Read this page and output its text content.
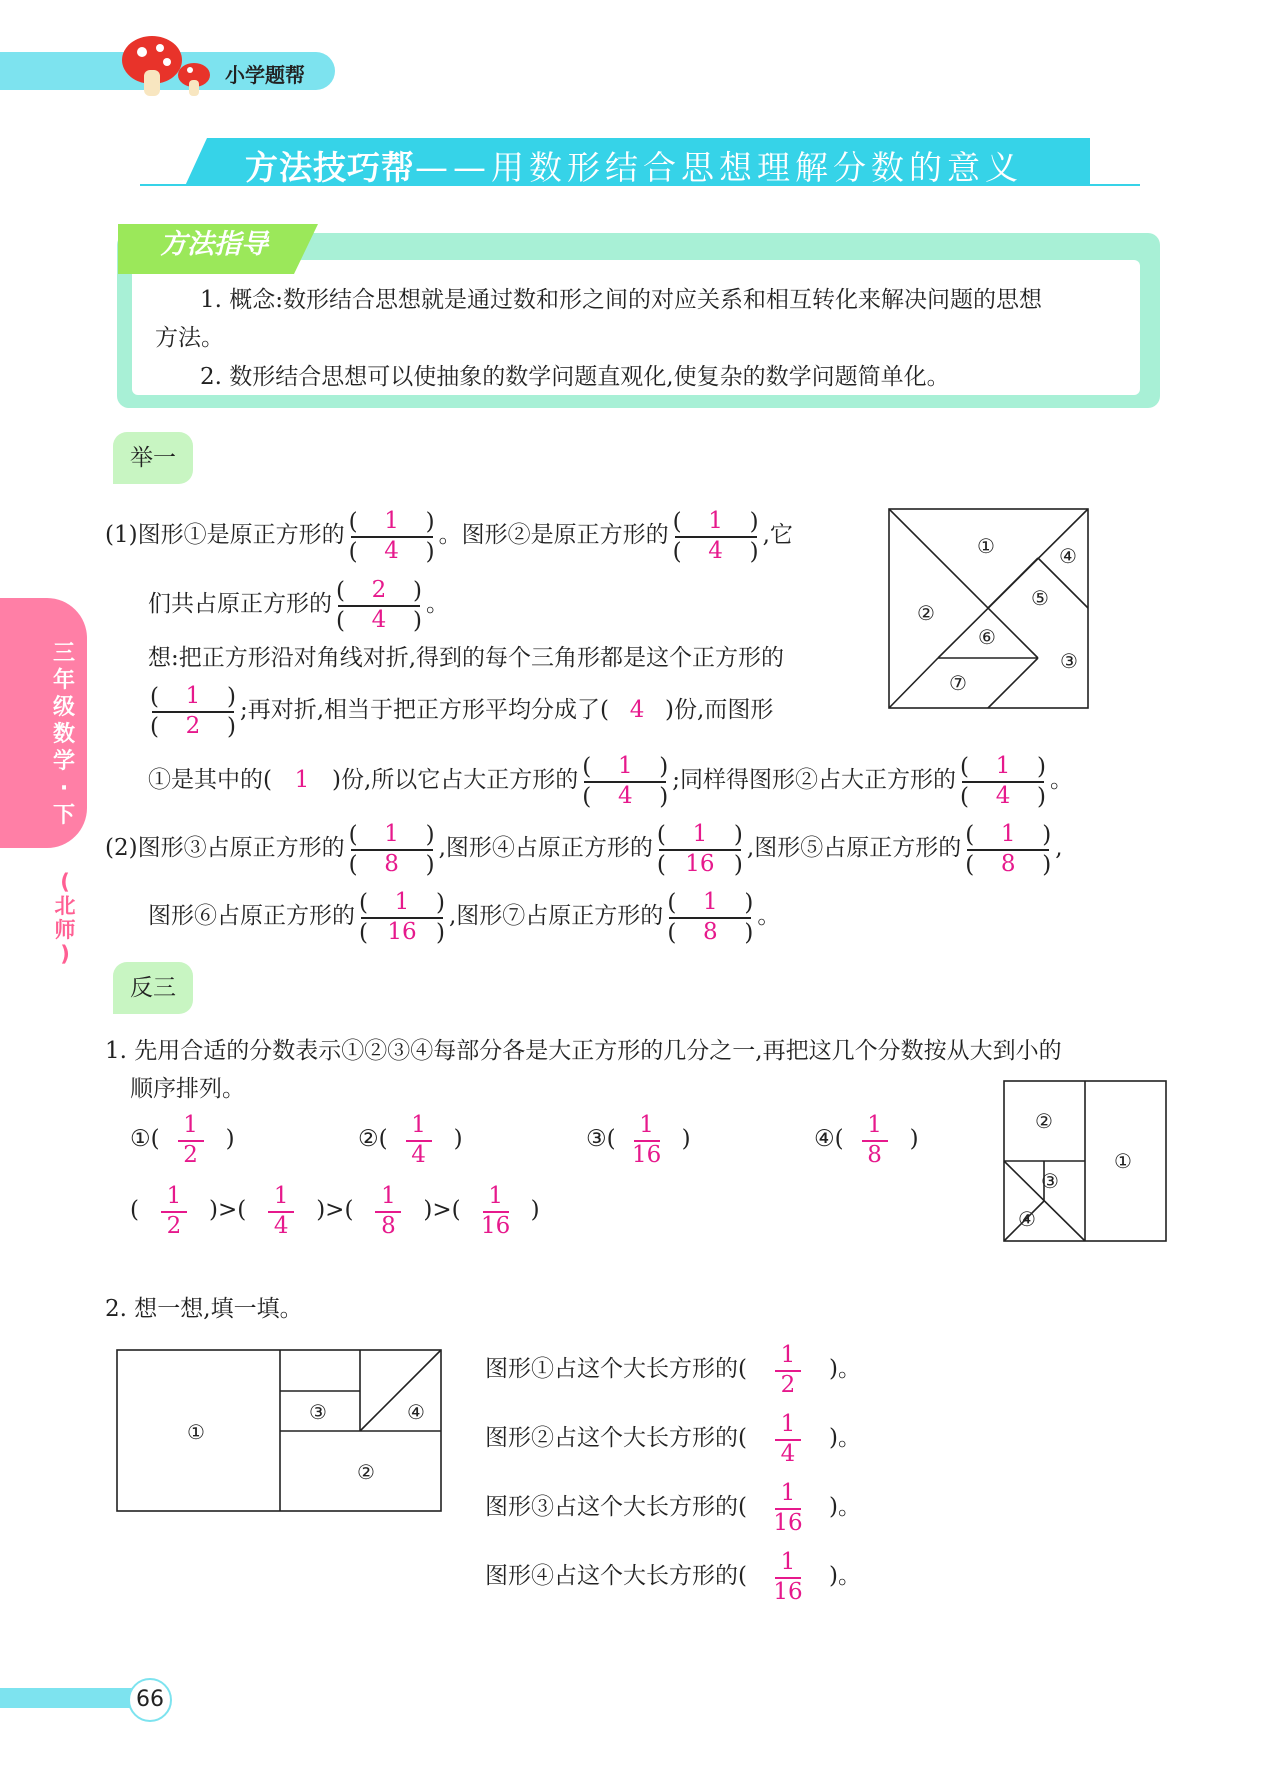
小学题帮
方法技巧帮——用数形结合思想理解分数的意义
方法指导
1. 概念:数形结合思想就是通过数和形之间的对应关系和相互转化来解决问题的思想
方法。
2. 数形结合思想可以使抽象的数学问题直观化,使复杂的数学问题简单化。
三
年
级
数
学
·
下
(
北
师
)
举一
(1)图形①是原正方形的 (	)
1
(	)
4
。图形②是原正方形的 (	)
1
(	)
4
,它
们共占原正方形的 (	)
2
(	)
4
。
想:把正方形沿对角线对折,得到的每个三角形都是这个正方形的
(	)
1
(	)
2
;再对折,相当于把正方形平均分成了( 4 )份,而图形
①是其中的( 1 )份,所以它占大正方形的 (	)
1
(	)
4
;同样得图形②占大正方形的 (	)
1
(	)
4
。
(2)图形③占原正方形的 (	)
1
(	)
8
,图形④占原正方形的 (	)
1
(	)
16
,图形⑤占原正方形的 (	)
1
(	)
8
,
图形⑥占原正方形的 (	)
1
(	)
16
,图形⑦占原正方形的 (	)
1
(	)
8
。
①
②
③
④
⑤
⑥
⑦
反三
1. 先用合适的分数表示①②③④每部分各是大正方形的几分之一,再把这几个分数按从大到小的
顺序排列。
①( $\frac{1}{2}$ )	②( $\frac{1}{4}$ )	③( $\frac{1}{16}$ )	④( $\frac{1}{8}$ )
( $\frac{1}{2}$ )>( $\frac{1}{4}$ )>( $\frac{1}{8}$ )>( $\frac{1}{16}$ )
①
②
③
④
2. 想一想,填一填。
①
②
③	④
图形①占这个大长方形的( $\frac{1}{2}$ )。
图形②占这个大长方形的( $\frac{1}{4}$ )。
图形③占这个大长方形的( $\frac{1}{16}$ )。
图形④占这个大长方形的( $\frac{1}{16}$ )。
66
